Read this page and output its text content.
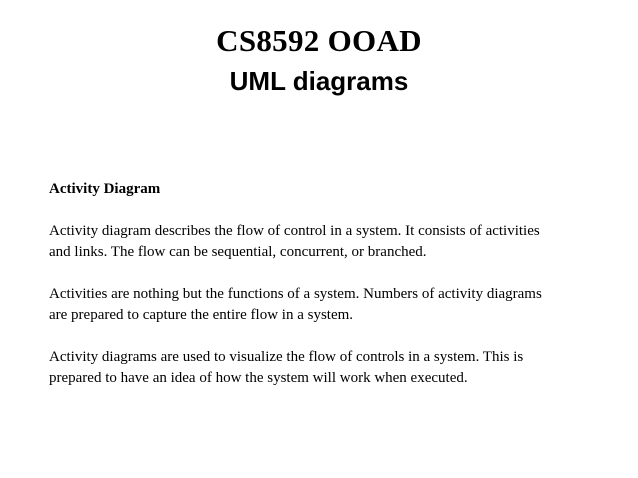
CS8592 OOAD
UML diagrams
Activity Diagram
Activity diagram describes the flow of control in a system. It consists of activities
and links. The flow can be sequential, concurrent, or branched.
Activities are nothing but the functions of a system. Numbers of activity diagrams
are prepared to capture the entire flow in a system.
Activity diagrams are used to visualize the flow of controls in a system. This is
prepared to have an idea of how the system will work when executed.
